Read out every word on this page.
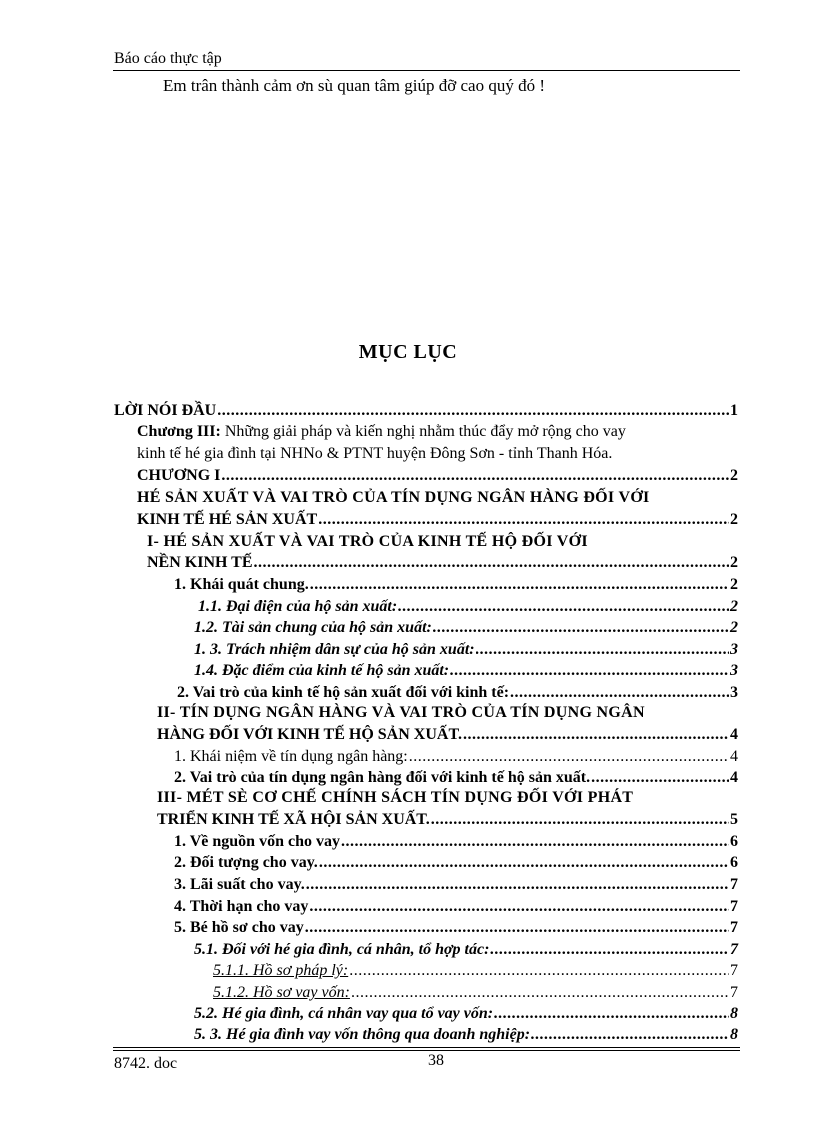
Báo cáo thực tập
Em trân thành cảm ơn sù quan tâm giúp đỡ cao quý đó !
MỤC LỤC
LỜI NÓI ĐẦU .....	1
Chương III: Những giải pháp và kiến nghị nhằm thúc đẩy mở rộng cho vay
kinh tế hé gia đình tại NHNo & PTNT huyện Đông Sơn - tỉnh Thanh Hóa.
CHƯƠNG I .....	2
HÉ SẢN XUẤT VÀ VAI TRÒ CỦA TÍN DỤNG NGÂN HÀNG ĐỐI VỚI
KINH TẾ HÉ SẢN XUẤT .....	2
I- HÉ SẢN XUẤT VÀ VAI TRÒ CỦA KINH TẾ HỘ ĐỐI VỚI
NỀN KINH TẾ .....	2
1. Khái quát chung. .....	2
1.1. Đại điện của hộ sản xuất: .....	2
1.2. Tài sản chung của hộ sản xuất: .....	2
1. 3. Trách nhiệm dân sự của hộ sản xuất: .....	3
1.4. Đặc điểm của kinh tế hộ sản xuất: .....	3
2. Vai trò của kinh tế hộ sản xuất đối với kinh tế: .....	3
II- TÍN DỤNG NGÂN HÀNG VÀ VAI TRÒ CỦA TÍN DỤNG NGÂN
HÀNG ĐỐI VỚI KINH TẾ HỘ SẢN XUẤT. .....	4
1. Khái niệm về tín dụng ngân hàng: .....	4
2. Vai trò của tín dụng ngân hàng đối với kinh tế hộ sản xuất. .....	4
III- MÉT SÈ CƠ CHẾ CHÍNH SÁCH TÍN DỤNG ĐỐI VỚI PHÁT
TRIỂN KINH TẾ XÃ HỘI SẢN XUẤT. .....	5
1. Về nguồn vốn cho vay .....	6
2. Đối tượng cho vay. .....	6
3. Lãi suất cho vay. .....	7
4. Thời hạn cho vay .....	7
5. Bé hồ sơ cho vay .....	7
5.1. Đối với hé gia đình, cá nhân, tổ hợp tác: .....	7
5.1.1. Hồ sơ pháp lý: .....	7
5.1.2. Hồ sơ vay vốn: .....	7
5.2. Hé gia đình, cá nhân vay qua tổ vay vốn: .....	8
5. 3. Hé gia đình vay vốn thông qua doanh nghiệp: .....	8
8742. doc	38
